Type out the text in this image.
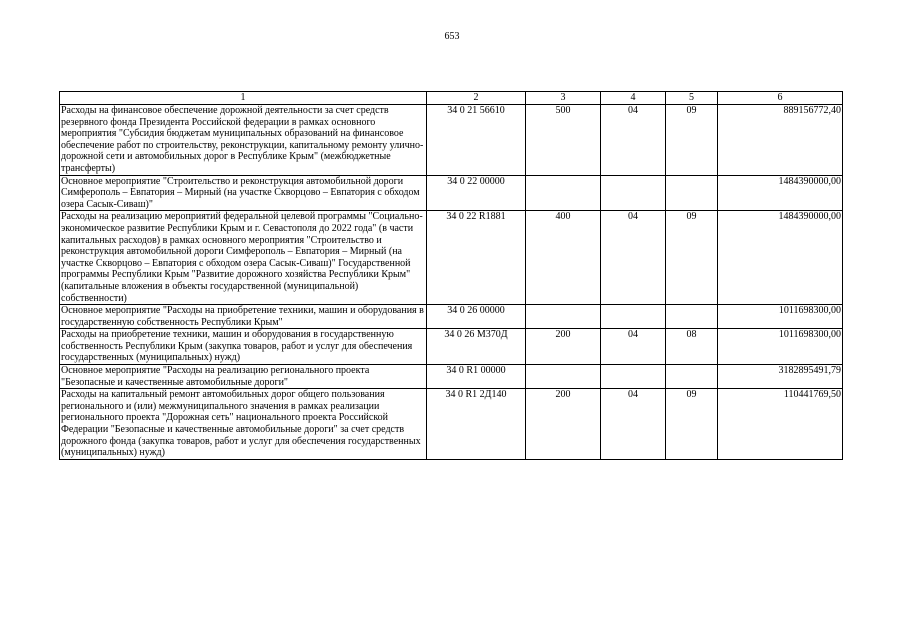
653
1	2	3	4	5	6
Расходы на финансовое обеспечение дорожной деятельности за счет средств резервного фонда Президента Российской федерации в рамках основного мероприятия "Субсидия бюджетам муниципальных образований на финансовое обеспечение работ по строительству, реконструкции, капитальному ремонту улично-дорожной сети и автомобильных дорог в Республике Крым" (межбюджетные трансферты)	34 0 21 56610	500	04	09	889156772,40
Основное мероприятие "Строительство и реконструкция автомобильной дороги Симферополь – Евпатория – Мирный (на участке Скворцово – Евпатория с обходом озера Сасык-Сиваш)"	34 0 22 00000				1484390000,00
Расходы на реализацию мероприятий федеральной целевой программы "Социально-экономическое развитие Республики Крым и г. Севастополя до 2022 года" (в части капитальных расходов) в рамках основного мероприятия "Строительство и реконструкция автомобильной дороги Симферополь – Евпатория – Мирный (на участке Скворцово – Евпатория с обходом озера Сасык-Сиваш)" Государственной программы Республики Крым "Развитие дорожного хозяйства Республики Крым" (капитальные вложения в объекты государственной (муниципальной) собственности)	34 0 22 R1881	400	04	09	1484390000,00
Основное мероприятие "Расходы на приобретение техники, машин и оборудования в государственную собственность Республики Крым"	34 0 26 00000				1011698300,00
Расходы на приобретение техники, машин и оборудования в государственную собственность Республики Крым (закупка товаров, работ и услуг для обеспечения государственных (муниципальных) нужд)	34 0 26 М370Д	200	04	08	1011698300,00
Основное мероприятие "Расходы на реализацию регионального проекта "Безопасные и качественные автомобильные дороги"	34 0 R1 00000				3182895491,79
Расходы на капитальный ремонт автомобильных дорог общего пользования регионального и (или) межмуниципального значения в рамках реализации регионального проекта "Дорожная сеть" национального проекта Российской Федерации "Безопасные и качественные автомобильные дороги" за счет средств дорожного фонда (закупка товаров, работ и услуг для обеспечения государственных (муниципальных) нужд)	34 0 R1 2Д140	200	04	09	110441769,50
